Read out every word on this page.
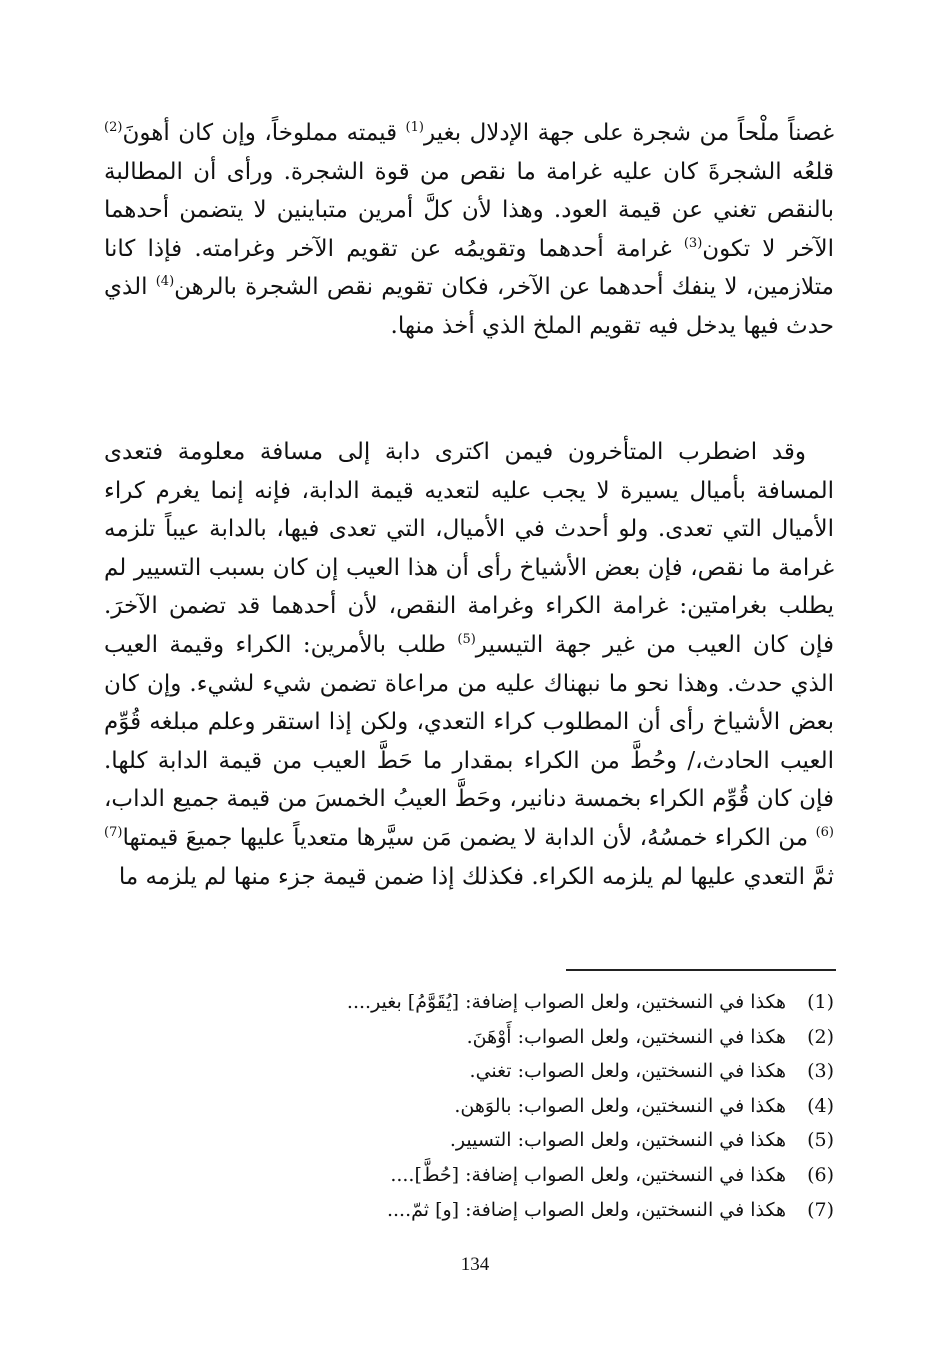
غصناً ملْحاً من شجرة على جهة الإدلال بغير$^{(1)}$ قيمته مملوخاً، وإن كان أهونَ$^{(2)}$ قلعُه الشجرةَ كان عليه غرامة ما نقص من قوة الشجرة. ورأى أن المطالبة بالنقص تغني عن قيمة العود. وهذا لأن كلَّ أمرين متباينين لا يتضمن أحدهما الآخر لا تكون$^{(3)}$ غرامة أحدهما وتقويمُه عن تقويم الآخر وغرامته. فإذا كانا متلازمين، لا ينفك أحدهما عن الآخر، فكان تقويم نقص الشجرة بالرهن$^{(4)}$ الذي حدث فيها يدخل فيه تقويم الملخ الذي أخذ منها.

وقد اضطرب المتأخرون فيمن اكترى دابة إلى مسافة معلومة فتعدى المسافة بأميال يسيرة لا يجب عليه لتعديه قيمة الدابة، فإنه إنما يغرم كراء الأميال التي تعدى. ولو أحدث في الأميال، التي تعدى فيها، بالدابة عيباً تلزمه غرامة ما نقص، فإن بعض الأشياخ رأى أن هذا العيب إن كان بسبب التسيير لم يطلب بغرامتين: غرامة الكراء وغرامة النقص، لأن أحدهما قد تضمن الآخرَ. فإن كان العيب من غير جهة التيسير$^{(5)}$ طلب بالأمرين: الكراء وقيمة العيب الذي حدث. وهذا نحو ما نبهناك عليه من مراعاة تضمن شيء لشيء. وإن كان بعض الأشياخ رأى أن المطلوب كراء التعدي، ولكن إذا استقر وعلم مبلغه قُوِّم العيب الحادث،/ وحُطَّ من الكراء بمقدار ما حَطَّ العيب من قيمة الدابة كلها. فإن كان قُوِّم الكراء بخمسة دنانير، وحَطَّ العيبُ الخمسَ من قيمة جميع الداب،$^{(6)}$ من الكراء خمسُهُ، لأن الدابة لا يضمن مَن سيَّرها متعدياً عليها جميعَ قيمتها$^{(7)}$ ثمَّ التعدي عليها لم يلزمه الكراء. فكذلك إذا ضمن قيمة جزء منها لم يلزمه ما

(1)
هكذا في النسختين، ولعل الصواب إضافة: [يُقَوَّمُ] بغير....
(2)
هكذا في النسختين، ولعل الصواب: أَوْهَنَ.
(3)
هكذا في النسختين، ولعل الصواب: تغني.
(4)
هكذا في النسختين، ولعل الصواب: بالوَهن.
(5)
هكذا في النسختين، ولعل الصواب: التسيير.
(6)
هكذا في النسختين، ولعل الصواب إضافة: [حُطَّ]....
(7)
هكذا في النسختين، ولعل الصواب إضافة: [و] ثمّ....
134
